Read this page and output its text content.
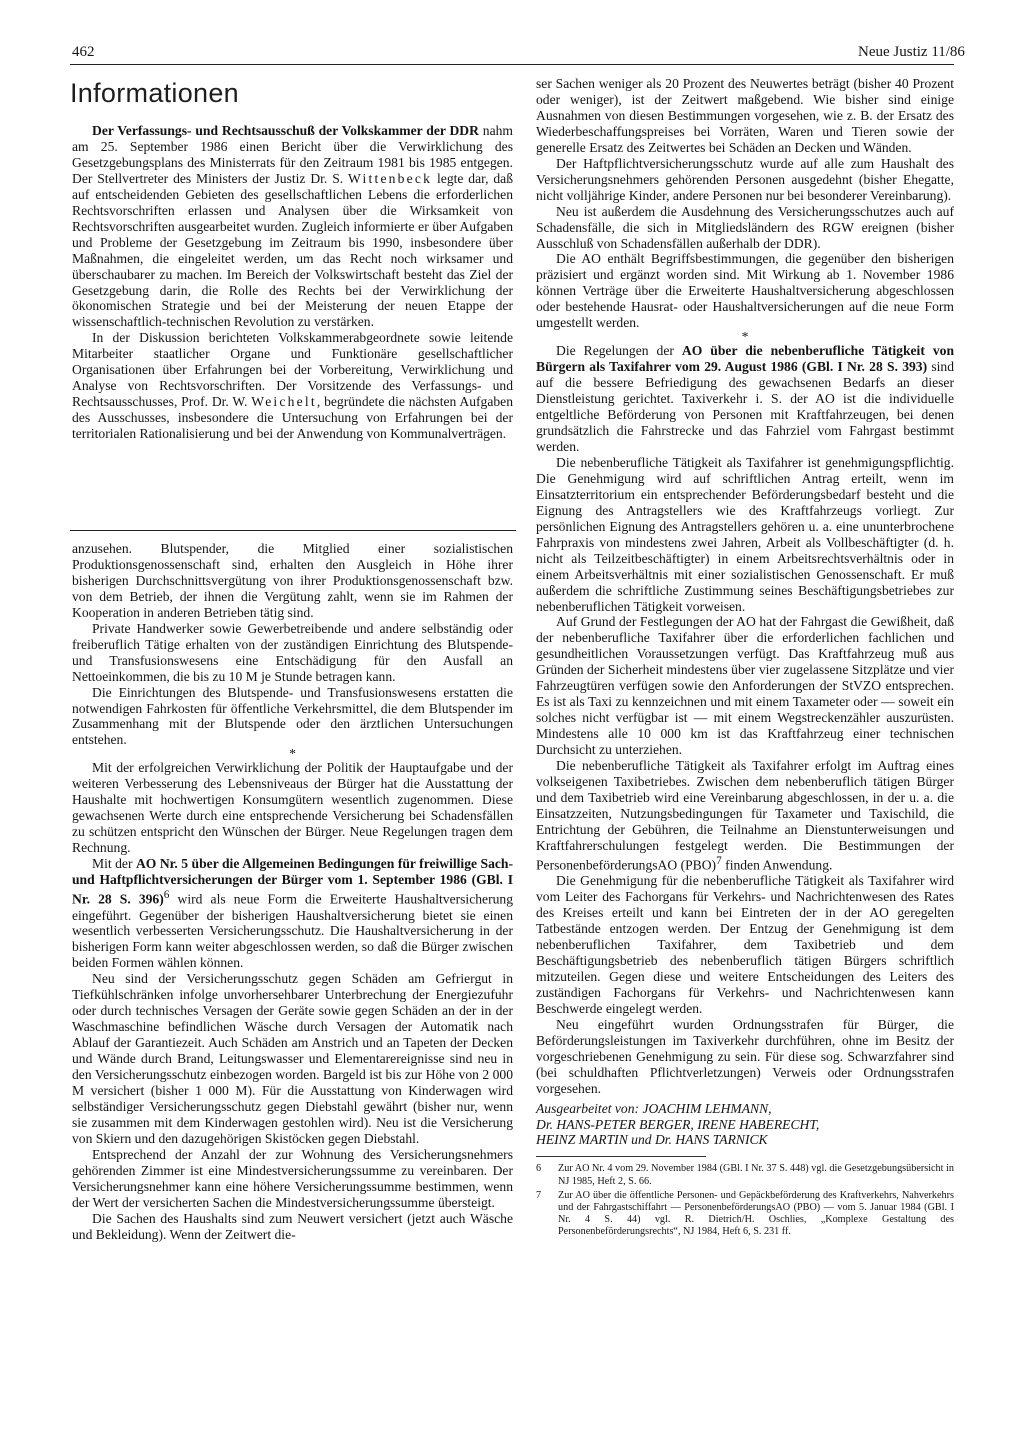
462	Neue Justiz 11/86
Informationen

Der Verfassungs- und Rechtsausschuß der Volkskammer der DDR nahm am 25. September 1986 einen Bericht über die Verwirklichung des Gesetzgebungsplans des Ministerrats für den Zeitraum 1981 bis 1985 entgegen. Der Stellvertreter des Ministers der Justiz Dr. S. Wittenbeck legte dar, daß auf entscheidenden Gebieten des gesellschaftlichen Lebens die erforderlichen Rechtsvorschriften erlassen und Analysen über die Wirksamkeit von Rechtsvorschriften ausgearbeitet wurden. Zugleich informierte er über Aufgaben und Probleme der Gesetzgebung im Zeitraum bis 1990, insbesondere über Maßnahmen, die eingeleitet werden, um das Recht noch wirksamer und überschaubarer zu machen. Im Bereich der Volkswirtschaft besteht das Ziel der Gesetzgebung darin, die Rolle des Rechts bei der Verwirklichung der ökonomischen Strategie und bei der Meisterung der neuen Etappe der wissenschaftlich-technischen Revolution zu verstärken.

In der Diskussion berichteten Volkskammerabgeordnete sowie leitende Mitarbeiter staatlicher Organe und Funktionäre gesellschaftlicher Organisationen über Erfahrungen bei der Vorbereitung, Verwirklichung und Analyse von Rechtsvorschriften. Der Vorsitzende des Verfassungs- und Rechtsausschusses, Prof. Dr. W. Weichelt, begründete die nächsten Aufgaben des Ausschusses, insbesondere die Untersuchung von Erfahrungen bei der territorialen Rationalisierung und bei der Anwendung von Kommunalverträgen.

anzusehen. Blutspender, die Mitglied einer sozialistischen Produktionsgenossenschaft sind, erhalten den Ausgleich in Höhe ihrer bisherigen Durchschnittsvergütung von ihrer Produktionsgenossenschaft bzw. von dem Betrieb, der ihnen die Vergütung zahlt, wenn sie im Rahmen der Kooperation in anderen Betrieben tätig sind.

Private Handwerker sowie Gewerbetreibende und andere selbständig oder freiberuflich Tätige erhalten von der zuständigen Einrichtung des Blutspende- und Transfusionswesens eine Entschädigung für den Ausfall an Nettoeinkommen, die bis zu 10 M je Stunde betragen kann.

Die Einrichtungen des Blutspende- und Transfusionswesens erstatten die notwendigen Fahrkosten für öffentliche Verkehrsmittel, die dem Blutspender im Zusammenhang mit der Blutspende oder den ärztlichen Untersuchungen entstehen.

*

Mit der erfolgreichen Verwirklichung der Politik der Hauptaufgabe und der weiteren Verbesserung des Lebensniveaus der Bürger hat die Ausstattung der Haushalte mit hochwertigen Konsumgütern wesentlich zugenommen. Diese gewachsenen Werte durch eine entsprechende Versicherung bei Schadensfällen zu schützen entspricht den Wünschen der Bürger. Neue Regelungen tragen dem Rechnung.

Mit der AO Nr. 5 über die Allgemeinen Bedingungen für freiwillige Sach- und Haftpflichtversicherungen der Bürger vom 1. September 1986 (GBl. I Nr. 28 S. 396)$^6$ wird als neue Form die Erweiterte Haushaltversicherung eingeführt. Gegenüber der bisherigen Haushaltversicherung bietet sie einen wesentlich verbesserten Versicherungsschutz. Die Haushaltversicherung in der bisherigen Form kann weiter abgeschlossen werden, so daß die Bürger zwischen beiden Formen wählen können.

Neu sind der Versicherungsschutz gegen Schäden am Gefriergut in Tiefkühlschränken infolge unvorhersehbarer Unterbrechung der Energiezufuhr oder durch technisches Versagen der Geräte sowie gegen Schäden an der in der Waschmaschine befindlichen Wäsche durch Versagen der Automatik nach Ablauf der Garantiezeit. Auch Schäden am Anstrich und an Tapeten der Decken und Wände durch Brand, Leitungswasser und Elementarereignisse sind neu in den Versicherungsschutz einbezogen worden. Bargeld ist bis zur Höhe von 2 000 M versichert (bisher 1 000 M). Für die Ausstattung von Kinderwagen wird selbständiger Versicherungsschutz gegen Diebstahl gewährt (bisher nur, wenn sie zusammen mit dem Kinderwagen gestohlen wird). Neu ist die Versicherung von Skiern und den dazugehörigen Skistöcken gegen Diebstahl.

Entsprechend der Anzahl der zur Wohnung des Versicherungsnehmers gehörenden Zimmer ist eine Mindestversicherungssumme zu vereinbaren. Der Versicherungsnehmer kann eine höhere Versicherungssumme bestimmen, wenn der Wert der versicherten Sachen die Mindestversicherungssumme übersteigt.

Die Sachen des Haushalts sind zum Neuwert versichert (jetzt auch Wäsche und Bekleidung). Wenn der Zeitwert die-

ser Sachen weniger als 20 Prozent des Neuwertes beträgt (bisher 40 Prozent oder weniger), ist der Zeitwert maßgebend. Wie bisher sind einige Ausnahmen von diesen Bestimmungen vorgesehen, wie z. B. der Ersatz des Wiederbeschaffungspreises bei Vorräten, Waren und Tieren sowie der generelle Ersatz des Zeitwertes bei Schäden an Decken und Wänden.

Der Haftpflichtversicherungsschutz wurde auf alle zum Haushalt des Versicherungsnehmers gehörenden Personen ausgedehnt (bisher Ehegatte, nicht volljährige Kinder, andere Personen nur bei besonderer Vereinbarung).

Neu ist außerdem die Ausdehnung des Versicherungsschutzes auch auf Schadensfälle, die sich in Mitgliedsländern des RGW ereignen (bisher Ausschluß von Schadensfällen außerhalb der DDR).

Die AO enthält Begriffsbestimmungen, die gegenüber den bisherigen präzisiert und ergänzt worden sind. Mit Wirkung ab 1. November 1986 können Verträge über die Erweiterte Haushaltversicherung abgeschlossen oder bestehende Hausrat- oder Haushaltversicherungen auf die neue Form umgestellt werden.

*

Die Regelungen der AO über die nebenberufliche Tätigkeit von Bürgern als Taxifahrer vom 29. August 1986 (GBl. I Nr. 28 S. 393) sind auf die bessere Befriedigung des gewachsenen Bedarfs an dieser Dienstleistung gerichtet. Taxiverkehr i. S. der AO ist die individuelle entgeltliche Beförderung von Personen mit Kraftfahrzeugen, bei denen grundsätzlich die Fahrstrecke und das Fahrziel vom Fahrgast bestimmt werden.

Die nebenberufliche Tätigkeit als Taxifahrer ist genehmigungspflichtig. Die Genehmigung wird auf schriftlichen Antrag erteilt, wenn im Einsatzterritorium ein entsprechender Beförderungsbedarf besteht und die Eignung des Antragstellers wie des Kraftfahrzeugs vorliegt. Zur persönlichen Eignung des Antragstellers gehören u. a. eine ununterbrochene Fahrpraxis von mindestens zwei Jahren, Arbeit als Vollbeschäftigter (d. h. nicht als Teilzeitbeschäftigter) in einem Arbeitsrechtsverhältnis oder in einem Arbeitsverhältnis mit einer sozialistischen Genossenschaft. Er muß außerdem die schriftliche Zustimmung seines Beschäftigungsbetriebes zur nebenberuflichen Tätigkeit vorweisen.

Auf Grund der Festlegungen der AO hat der Fahrgast die Gewißheit, daß der nebenberufliche Taxifahrer über die erforderlichen fachlichen und gesundheitlichen Voraussetzungen verfügt. Das Kraftfahrzeug muß aus Gründen der Sicherheit mindestens über vier zugelassene Sitzplätze und vier Fahrzeugtüren verfügen sowie den Anforderungen der StVZO entsprechen. Es ist als Taxi zu kennzeichnen und mit einem Taxameter oder — soweit ein solches nicht verfügbar ist — mit einem Wegstreckenzähler auszurüsten. Mindestens alle 10 000 km ist das Kraftfahrzeug einer technischen Durchsicht zu unterziehen.

Die nebenberufliche Tätigkeit als Taxifahrer erfolgt im Auftrag eines volkseigenen Taxibetriebes. Zwischen dem nebenberuflich tätigen Bürger und dem Taxibetrieb wird eine Vereinbarung abgeschlossen, in der u. a. die Einsatzzeiten, Nutzungsbedingungen für Taxameter und Taxischild, die Entrichtung der Gebühren, die Teilnahme an Dienstunterweisungen und Kraftfahrerschulungen festgelegt werden. Die Bestimmungen der PersonenbeförderungsAO (PBO)$^7$ finden Anwendung.

Die Genehmigung für die nebenberufliche Tätigkeit als Taxifahrer wird vom Leiter des Fachorgans für Verkehrs- und Nachrichtenwesen des Rates des Kreises erteilt und kann bei Eintreten der in der AO geregelten Tatbestände entzogen werden. Der Entzug der Genehmigung ist dem nebenberuflichen Taxifahrer, dem Taxibetrieb und dem Beschäftigungsbetrieb des nebenberuflich tätigen Bürgers schriftlich mitzuteilen. Gegen diese und weitere Entscheidungen des Leiters des zuständigen Fachorgans für Verkehrs- und Nachrichtenwesen kann Beschwerde eingelegt werden.

Neu eingeführt wurden Ordnungsstrafen für Bürger, die Beförderungsleistungen im Taxiverkehr durchführen, ohne im Besitz der vorgeschriebenen Genehmigung zu sein. Für diese sog. Schwarzfahrer sind (bei schuldhaften Pflichtverletzungen) Verweis oder Ordnungsstrafen vorgesehen.

Ausgearbeitet von: JOACHIM LEHMANN,
Dr. HANS-PETER BERGER, IRENE HABERECHT,
HEINZ MARTIN und Dr. HANS TARNICK
6	Zur AO Nr. 4 vom 29. November 1984 (GBl. I Nr. 37 S. 448) vgl. die Gesetzgebungsübersicht in NJ 1985, Heft 2, S. 66.
7	Zur AO über die öffentliche Personen- und Gepäckbeförderung des Kraftverkehrs, Nahverkehrs und der Fahrgastschiffahrt — PersonenbeförderungsAO (PBO) — vom 5. Januar 1984 (GBl. I Nr. 4 S. 44) vgl. R. Dietrich/H. Oschlies, „Komplexe Gestaltung des Personenbeförderungsrechts“, NJ 1984, Heft 6, S. 231 ff.
